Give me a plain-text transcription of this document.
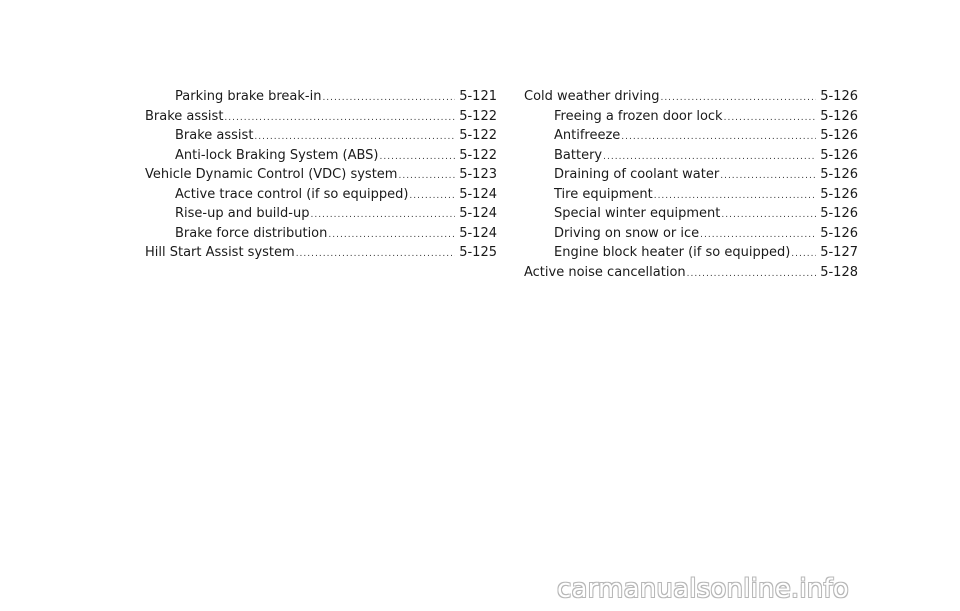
Parking brake break-in .....	5-121
Brake assist .....	5-122
Brake assist .....	5-122
Anti-lock Braking System (ABS) .....	5-122
Vehicle Dynamic Control (VDC) system .....	5-123
Active trace control (if so equipped) .....	5-124
Rise-up and build-up .....	5-124
Brake force distribution .....	5-124
Hill Start Assist system .....	5-125
Cold weather driving .....	5-126
Freeing a frozen door lock .....	5-126
Antifreeze .....	5-126
Battery .....	5-126
Draining of coolant water .....	5-126
Tire equipment .....	5-126
Special winter equipment .....	5-126
Driving on snow or ice .....	5-126
Engine block heater (if so equipped) ..... 5-127
Active noise cancellation .....	5-128
carmanualsonline.info
